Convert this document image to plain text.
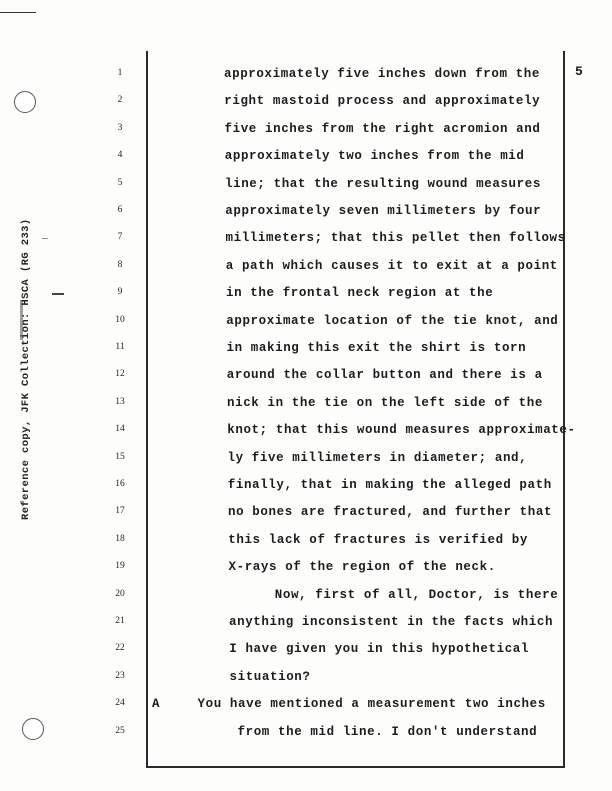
Reference copy, JFK Collection: HSCA (RG 233)
5
1	approximately five inches down from the
2	right mastoid process and approximately
3	five inches from the right acromion and
4	approximately two inches from the mid
5	line; that the resulting wound measures
6	approximately seven millimeters by four
7	millimeters; that this pellet then follows
8	a path which causes it to exit at a point
9	in the frontal neck region at the
10	approximate location of the tie knot, and
11	in making this exit the shirt is torn
12	around the collar button and there is a
13	nick in the tie on the left side of the
14	knot; that this wound measures approximate-
15	ly five millimeters in diameter; and,
16	finally, that in making the alleged path
17	no bones are fractured, and further that
18	this lack of fractures is verified by
19	X-rays of the region of the neck.
20	Now, first of all, Doctor, is there
21	anything inconsistent in the facts which
22	I have given you in this hypothetical
23	situation?
24	A	You have mentioned a measurement two inches
25	from the mid line. I don't understand
